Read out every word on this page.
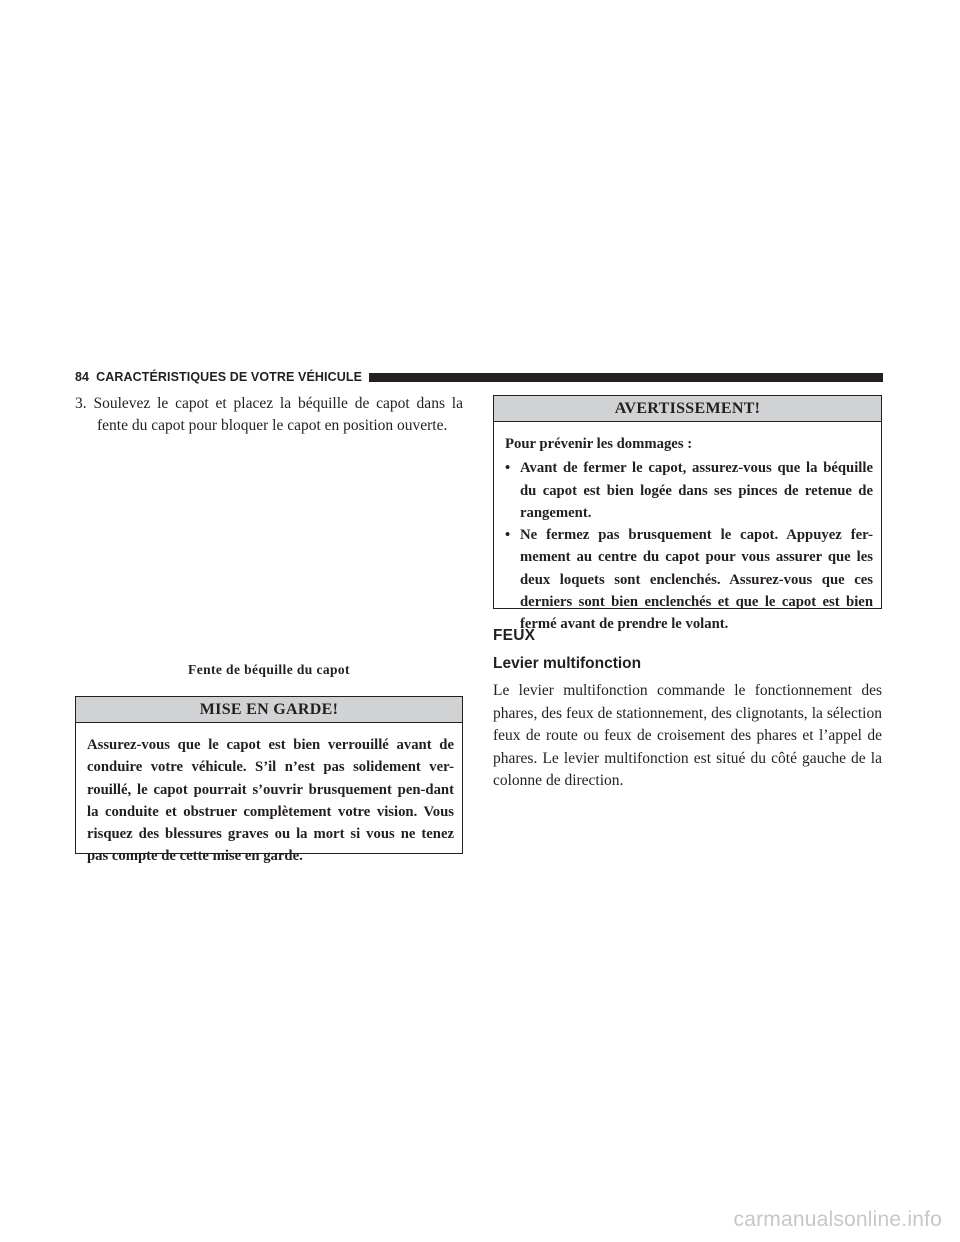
84 CARACTÉRISTIQUES DE VOTRE VÉHICULE

3. Soulevez le capot et placez la béquille de capot dans la fente du capot pour bloquer le capot en position ouverte.

Fente de béquille du capot
MISE EN GARDE!
Assurez-vous que le capot est bien verrouillé avant de conduire votre véhicule. S’il n’est pas solidement ver-rouillé, le capot pourrait s’ouvrir brusquement pen-dant la conduite et obstruer complètement votre vision. Vous risquez des blessures graves ou la mort si vous ne tenez pas compte de cette mise en garde.
AVERTISSEMENT!

Pour prévenir les dommages :

• Avant de fermer le capot, assurez-vous que la béquille du capot est bien logée dans ses pinces de retenue de rangement.
• Ne fermez pas brusquement le capot. Appuyez fer-mement au centre du capot pour vous assurer que les deux loquets sont enclenchés. Assurez-vous que ces derniers sont bien enclenchés et que le capot est bien fermé avant de prendre le volant.
FEUX
Levier multifonction

Le levier multifonction commande le fonctionnement des phares, des feux de stationnement, des clignotants, la sélection feux de route ou feux de croisement des phares et l’appel de phares. Le levier multifonction est situé du côté gauche de la colonne de direction.

carmanualsonline.info
